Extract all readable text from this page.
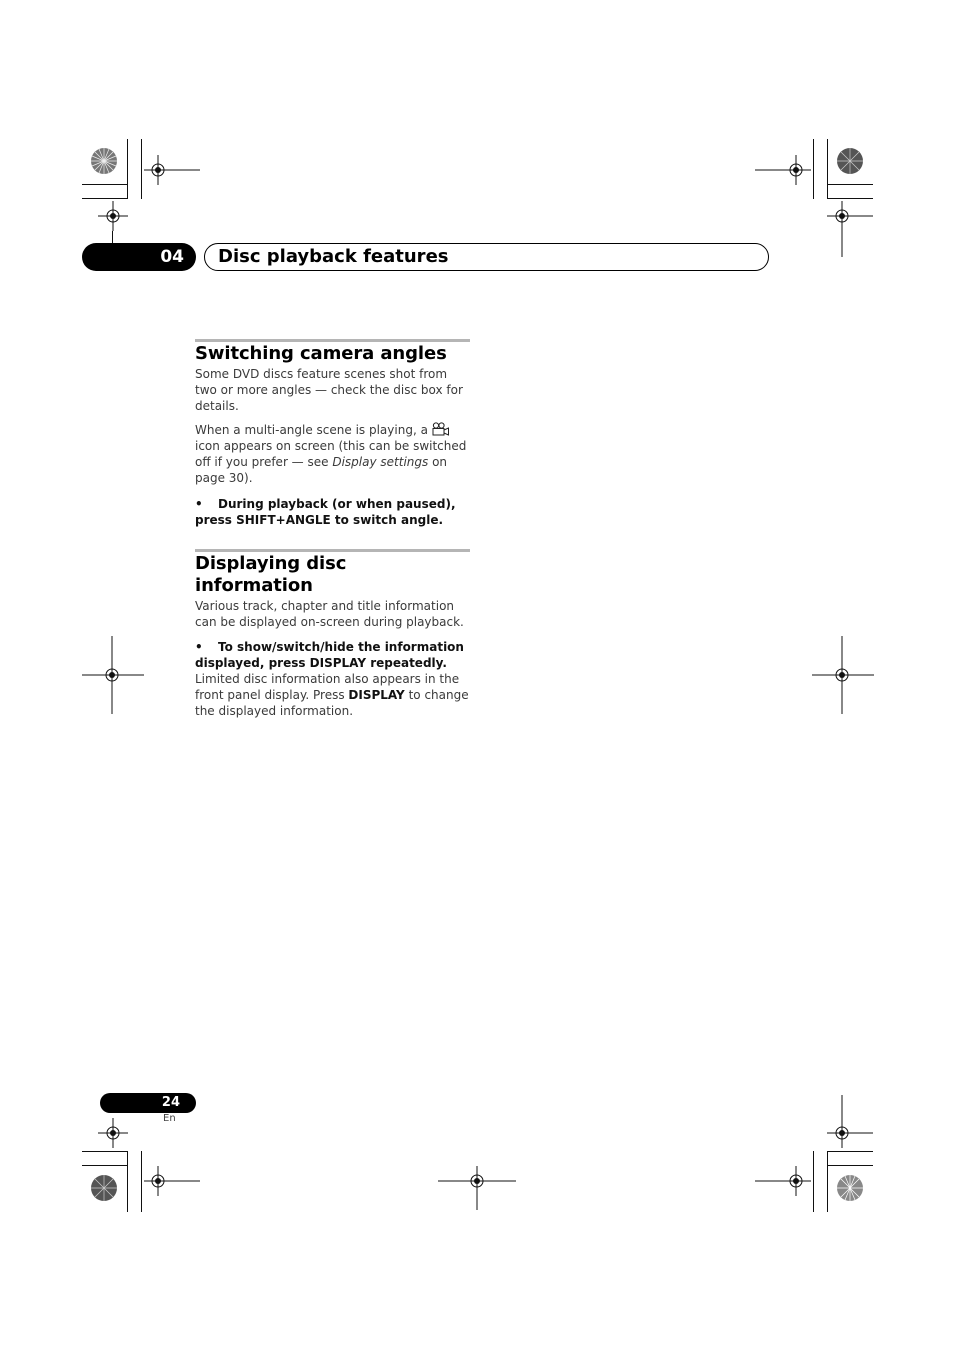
04 Disc playback features
Switching camera angles

Some DVD discs feature scenes shot from two or more angles — check the disc box for details.

When a multi-angle scene is playing, a icon appears on screen (this can be switched off if you prefer — see Display settings on page 30).

• During playback (or when paused), press SHIFT+ANGLE to switch angle.
Displaying disc information

Various track, chapter and title information can be displayed on-screen during playback.

• To show/switch/hide the information displayed, press DISPLAY repeatedly.

Limited disc information also appears in the front panel display. Press DISPLAY to change the displayed information.

24
En
